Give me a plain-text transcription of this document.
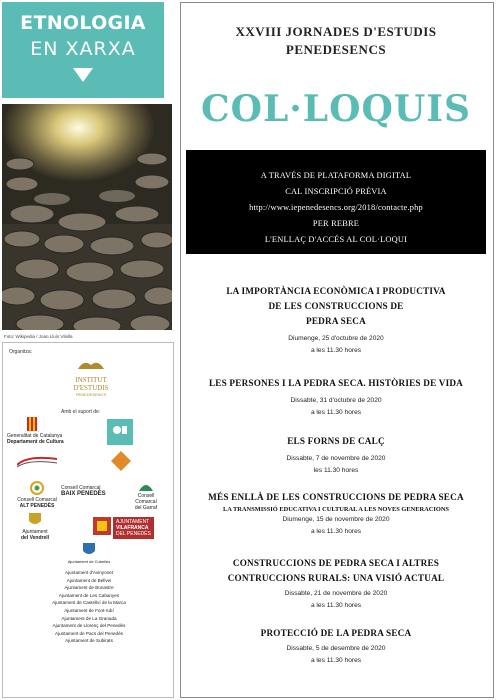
ETNOLOGIA
EN XARXA
Foto: Wikipedia / Joan Lluís Vilella
Organitza:
INSTITUT
D'ESTUDIS
PENEDESENCS
Amb el suport de:
Generalitat de Catalunya
Departament de Cultura
Consell Comarcal
ALT PENEDÈS
Consell Comarcal
BAIX PENEDÈS	Consell Comarcal
del Garraf
Ajuntament
del Vendrell
AJUNTAMENT
VILAFRANCA
DEL PENEDÈS
Ajuntament de Cubelles
Ajuntament d'Avinyonet
Ajuntament de Bellvei
Ajuntament de Bonastre
Ajuntament de Les Cabanyes
Ajuntament de Castellví de la Marca
Ajuntament de Font-rubí
Ajuntament de La Granada
Ajuntament de Llorenç del Penedès
Ajuntament de Pacs del Penedès
Ajuntament de Subirats
XXVIII JORNADES D'ESTUDIS
PENEDESENCS
COL·LOQUIS
A TRAVÉS DE PLATAFORMA DIGITAL
CAL INSCRIPCIÓ PRÈVIA
http://www.iepenedesencs.org/2018/contacte.php
PER REBRE
L'ENLLAÇ D'ACCÉS AL COL·LOQUI
LA IMPORTÀNCIA ECONÒMICA I PRODUCTIVA
DE LES CONSTRUCCIONS DE
PEDRA SECA
Diumenge, 25 d'octubre de 2020
a les 11.30 hores
LES PERSONES I LA PEDRA SECA. HISTÒRIES DE VIDA
Dissabte, 31 d'octubre de 2020
a les 11.30 hores
ELS FORNS DE CALÇ
Dissabte, 7 de novembre de 2020
les 11.30 hores
MÉS ENLLÀ DE LES CONSTRUCCIONS DE PEDRA SECA
LA TRANSMISSIÓ EDUCATIVA I CULTURAL A LES NOVES GENERACIONS
Diumenge, 15 de novembre de 2020
a les 11.30 hores
CONSTRUCCIONS DE PEDRA SECA I ALTRES
CONTRUCCIONS RURALS: UNA VISIÓ ACTUAL
Dissabte, 21 de novembre de 2020
a les 11.30 hores
PROTECCIÓ DE LA PEDRA SECA
Dissabte, 5 de desembre de 2020
a les 11.30 hores
